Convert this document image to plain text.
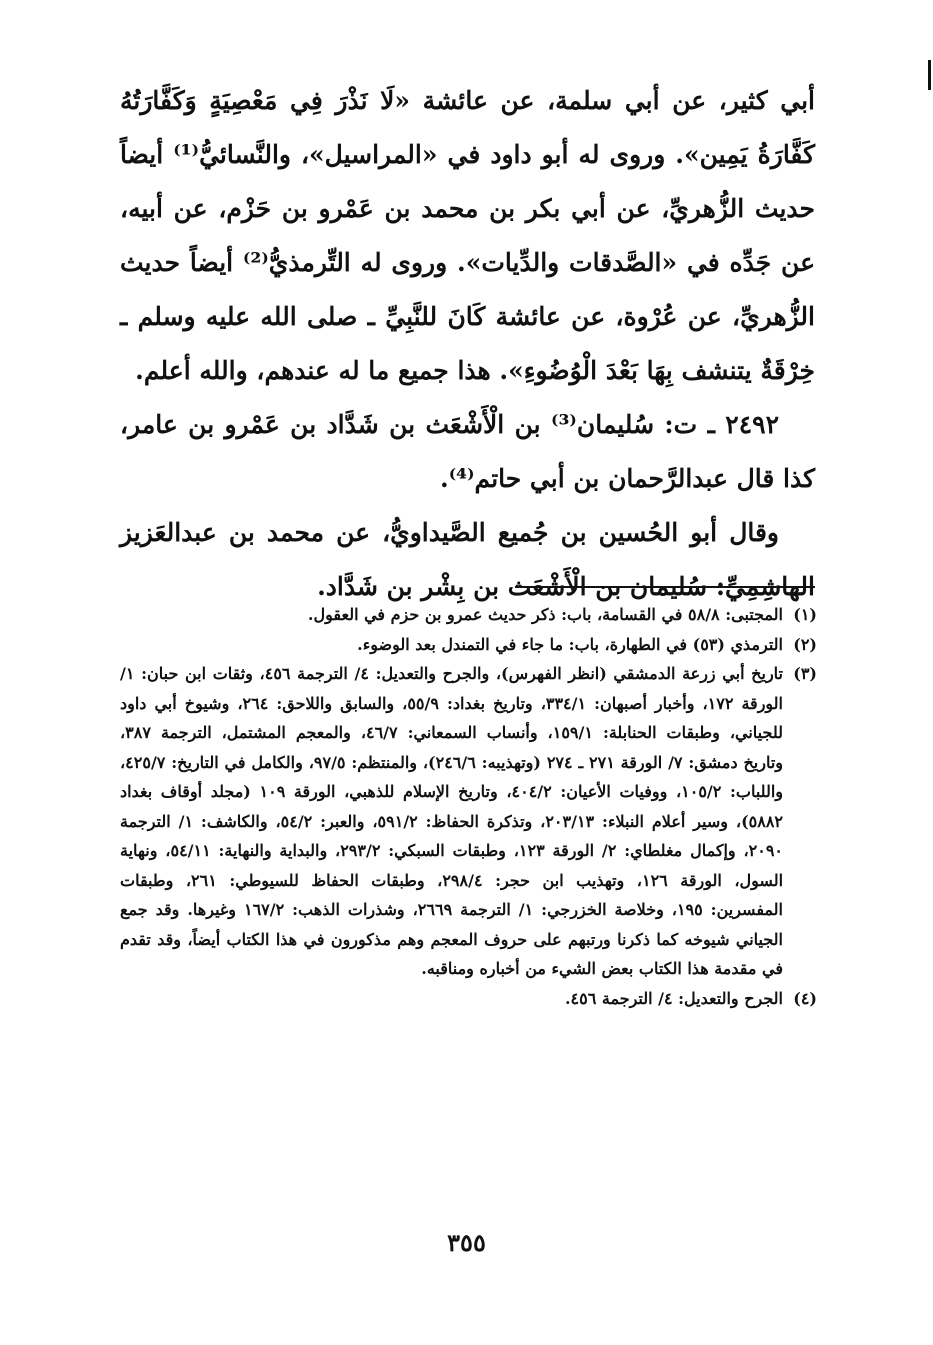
أبي كثير، عن أبي سلمة، عن عائشة «لَا نَذْرَ فِي مَعْصِيَةٍ وَكَفَّارَتُهُ كَفَّارَةُ يَمِين». وروى له أبو داود في «المراسيل»، والنَّسائيُّ⁽¹⁾ أيضاً حديث الزُّهريِّ، عن أبي بكر بن محمد بن عَمْرو بن حَزْم، عن أبيه، عن جَدِّه في «الصَّدقات والدِّيات». وروى له التِّرمذيُّ⁽²⁾ أيضاً حديث الزُّهريِّ، عن عُرْوة، عن عائشة كَانَ للنَّبِيِّ ـ صلى الله عليه وسلم ـ خِرْقَةٌ يتنشف بِهَا بَعْدَ الْوُضُوءِ». هذا جميع ما له عندهم، والله أعلم.

٢٤٩٢ ـ ت: سُليمان⁽³⁾ بن الْأَشْعَث بن شَدَّاد بن عَمْرو بن عامر، كذا قال عبدالرَّحمان بن أبي حاتم⁽⁴⁾.

وقال أبو الحُسين بن جُميع الصَّيداويُّ، عن محمد بن عبدالعَزيز الهاشِمِيِّ: سُليمان بن الْأَشْعَث بن بِشْر بن شَدَّاد.

(١)
المجتبى: ٥٨/٨ في القسامة، باب: ذكر حديث عمرو بن حزم في العقول.
(٢)
الترمذي (٥٣) في الطهارة، باب: ما جاء في التمندل بعد الوضوء.
(٣)
تاريخ أبي زرعة الدمشقي (انظر الفهرس)، والجرح والتعديل: ٤/ الترجمة ٤٥٦، وثقات ابن حبان: ١/ الورقة ١٧٢، وأخبار أصبهان: ٣٣٤/١، وتاريخ بغداد: ٥٥/٩، والسابق واللاحق: ٢٦٤، وشيوخ أبي داود للجياني، وطبقات الحنابلة: ١٥٩/١، وأنساب السمعاني: ٤٦/٧، والمعجم المشتمل، الترجمة ٣٨٧، وتاريخ دمشق: ٧/ الورقة ٢٧١ ـ ٢٧٤ (وتهذيبه: ٢٤٦/٦)، والمنتظم: ٩٧/٥، والكامل في التاريخ: ٤٢٥/٧، واللباب: ١٠٥/٢، ووفيات الأعيان: ٤٠٤/٢، وتاريخ الإسلام للذهبي، الورقة ١٠٩ (مجلد أوقاف بغداد ٥٨٨٢)، وسير أعلام النبلاء: ٢٠٣/١٣، وتذكرة الحفاظ: ٥٩١/٢، والعبر: ٥٤/٢، والكاشف: ١/ الترجمة ٢٠٩٠، وإكمال مغلطاي: ٢/ الورقة ١٢٣، وطبقات السبكي: ٢٩٣/٢، والبداية والنهاية: ٥٤/١١، ونهاية السول، الورقة ١٢٦، وتهذيب ابن حجر: ٢٩٨/٤، وطبقات الحفاظ للسيوطي: ٢٦١، وطبقات المفسرين: ١٩٥، وخلاصة الخزرجي: ١/ الترجمة ٢٦٦٩، وشذرات الذهب: ١٦٧/٢ وغيرها. وقد جمع الجياني شيوخه كما ذكرنا ورتبهم على حروف المعجم وهم مذكورون في هذا الكتاب أيضاً، وقد تقدم في مقدمة هذا الكتاب بعض الشيء من أخباره ومناقبه.
(٤)
الجرح والتعديل: ٤/ الترجمة ٤٥٦.
٣٥٥
